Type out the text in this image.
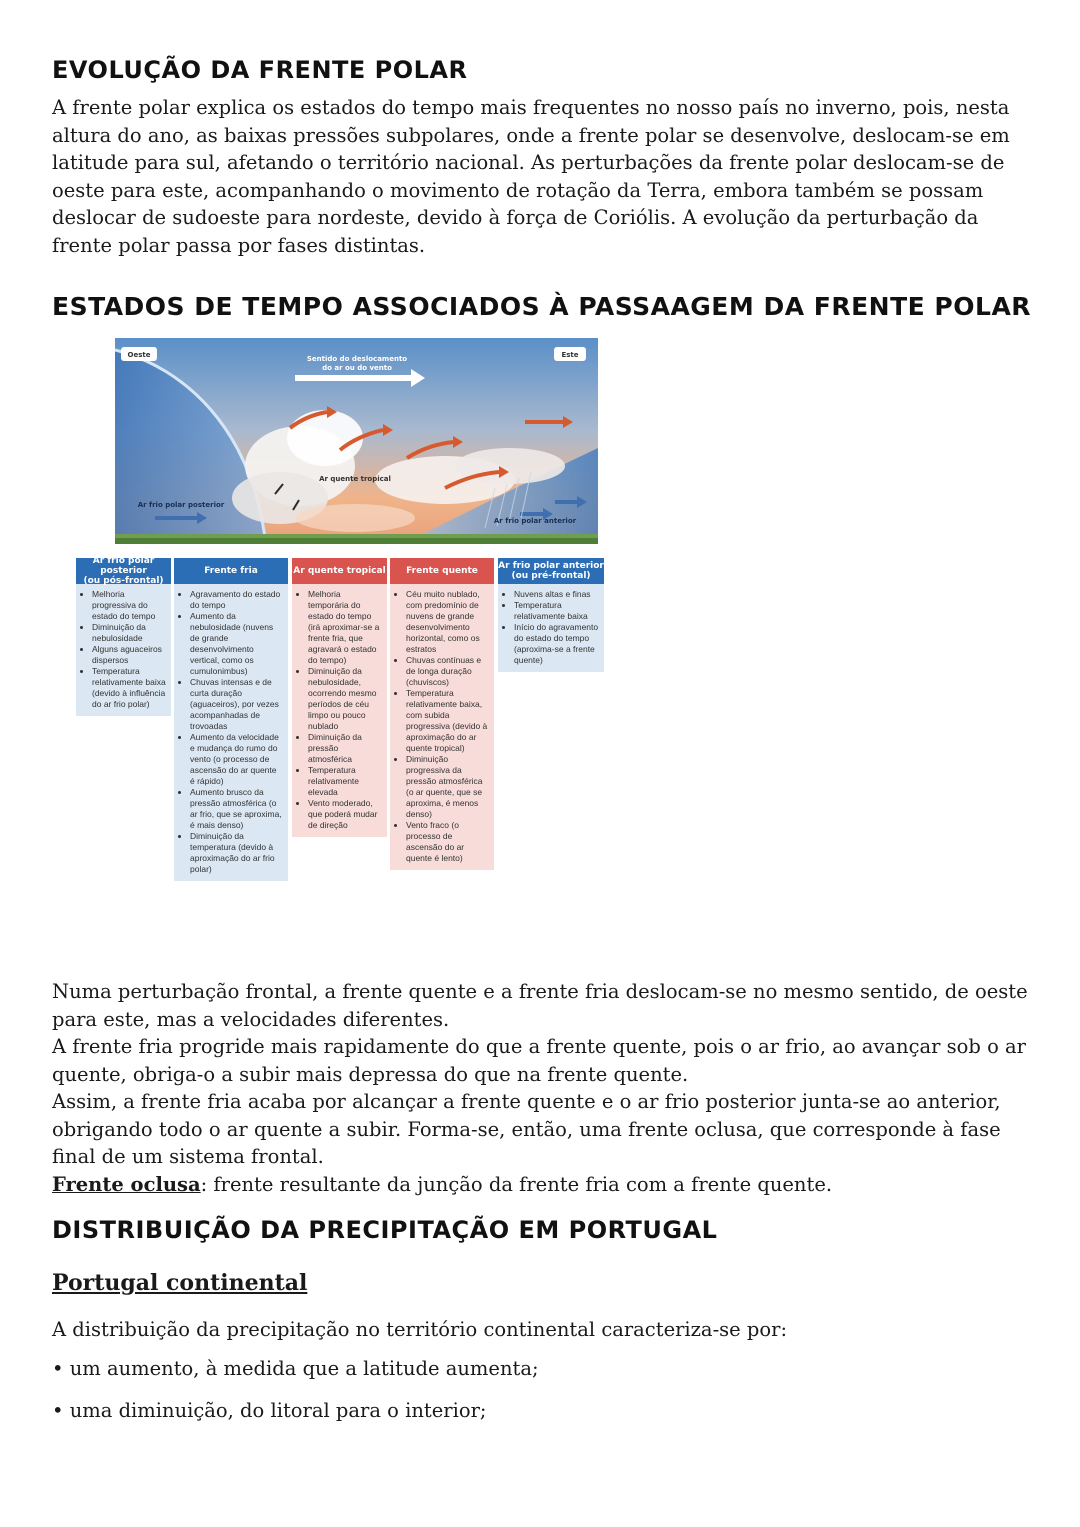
EVOLUÇÃO DA FRENTE POLAR

A frente polar explica os estados do tempo mais frequentes no nosso país no inverno, pois, nesta altura do ano, as baixas pressões subpolares, onde a frente polar se desenvolve, deslocam-se em latitude para sul, afetando o território nacional. As perturbações da frente polar deslocam-se de oeste para este, acompanhando o movimento de rotação da Terra, embora também se possam deslocar de sudoeste para nordeste, devido à força de Coriólis. A evolução da perturbação da frente polar passa por fases distintas.

ESTADOS DE TEMPO ASSOCIADOS À PASSAAGEM DA FRENTE POLAR
Oeste	Este
Sentido do deslocamento
do ar ou do vento
Ar quente tropical
Ar frio polar posterior
Ar frio polar anterior
Ar frio polar posterior
(ou pós-frontal)
• Melhoria progressiva do estado do tempo
• Diminuição da nebulosidade
• Alguns aguaceiros dispersos
• Temperatura relativamente baixa (devido à influência do ar frio polar)
Frente fria
• Agravamento do estado do tempo
• Aumento da nebulosidade (nuvens de grande desenvolvimento vertical, como os cumulonimbus)
• Chuvas intensas e de curta duração (aguaceiros), por vezes acompanhadas de trovoadas
• Aumento da velocidade e mudança do rumo do vento (o processo de ascensão do ar quente é rápido)
• Aumento brusco da pressão atmosférica (o ar frio, que se aproxima, é mais denso)
• Diminuição da temperatura (devido à aproximação do ar frio polar)
Ar quente tropical
• Melhoria temporária do estado do tempo (irá aproximar-se a frente fria, que agravará o estado do tempo)
• Diminuição da nebulosidade, ocorrendo mesmo períodos de céu limpo ou pouco nublado
• Diminuição da pressão atmosférica
• Temperatura relativamente elevada
• Vento moderado, que poderá mudar de direção
Frente quente
• Céu muito nublado, com predomínio de nuvens de grande desenvolvimento horizontal, como os estratos
• Chuvas contínuas e de longa duração (chuviscos)
• Temperatura relativamente baixa, com subida progressiva (devido à aproximação do ar quente tropical)
• Diminuição progressiva da pressão atmosférica (o ar quente, que se aproxima, é menos denso)
• Vento fraco (o processo de ascensão do ar quente é lento)
Ar frio polar anterior
(ou pré-frontal)
• Nuvens altas e finas
• Temperatura relativamente baixa
• Início do agravamento do estado do tempo (aproxima-se a frente quente)

Numa perturbação frontal, a frente quente e a frente fria deslocam-se no mesmo sentido, de oeste para este, mas a velocidades diferentes.

A frente fria progride mais rapidamente do que a frente quente, pois o ar frio, ao avançar sob o ar quente, obriga-o a subir mais depressa do que na frente quente.

Assim, a frente fria acaba por alcançar a frente quente e o ar frio posterior junta-se ao anterior, obrigando todo o ar quente a subir. Forma-se, então, uma frente oclusa, que corresponde à fase final de um sistema frontal.

Frente oclusa: frente resultante da junção da frente fria com a frente quente.

DISTRIBUIÇÃO DA PRECIPITAÇÃO EM PORTUGAL

Portugal continental

A distribuição da precipitação no território continental caracteriza-se por:

• um aumento, à medida que a latitude aumenta;

• uma diminuição, do litoral para o interior;
